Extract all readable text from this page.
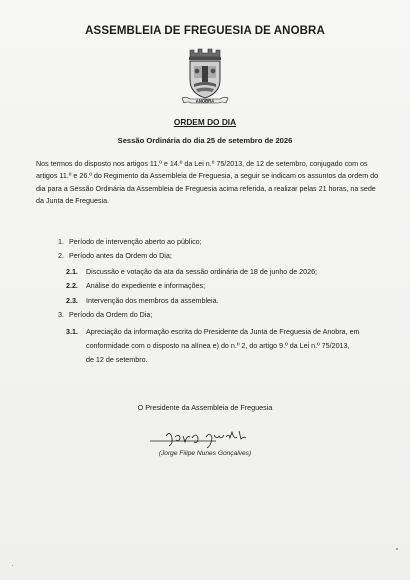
ASSEMBLEIA DE FREGUESIA DE ANOBRA
ANOBRA
ORDEM DO DIA
Sessão Ordinária do dia 25 de setembro de 2026
Nos termos do disposto nos artigos 11.º e 14.º da Lei n.º 75/2013, de 12 de setembro, conjugado com os artigos 11.º e 26.º do Regimento da Assembleia de Freguesia, a seguir se indicam os assuntos da ordem do dia para a Sessão Ordinária da Assembleia de Freguesia acima referida, a realizar pelas 21 horas, na sede da Junta de Freguesia.
1. Período de intervenção aberto ao público;
2. Período antes da Ordem do Dia;
2.1. Discussão e votação da ata da sessão ordinária de 18 de junho de 2026;
2.2. Análise do expediente e informações;
2.3. Intervenção dos membros da assembleia.
3. Período da Ordem do Dia;
3.1. Apreciação da informação escrita do Presidente da Junta de Freguesia de Anobra, em
conformidade com o disposto na alínea e) do n.º 2, do artigo 9.º da Lei n.º 75/2013,
de 12 de setembro.
O Presidente da Assembleia de Freguesia
(Jorge Filipe Nunes Gonçalves)
